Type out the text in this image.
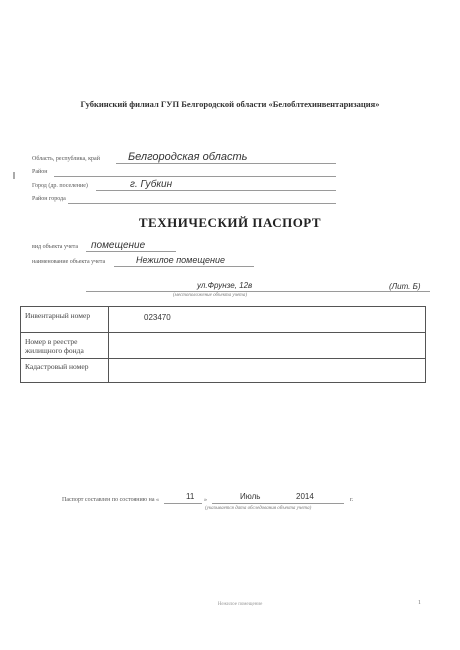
Губкинский филиал ГУП Белгородской области «Белоблтехинвентаризация»
Область, республика, край	Белгородская область
Район
Город (др. поселение)	г. Губкин
Район города
ТЕХНИЧЕСКИЙ ПАСПОРТ
вид объекта учета помещение
наименование объекта учета	Нежилое помещение
ул.Фрунзе, 12в	(Лит. Б)
(местоположение объекта учета)
Инвентарный номер	023470
Номер в реестре жилищного фонда
Кадастровый номер
Паспорт составлен по состоянию на «	11 »	Июль	2014	г.
(указывается дата обследования объекта учета)
Нежилое помещение	1
